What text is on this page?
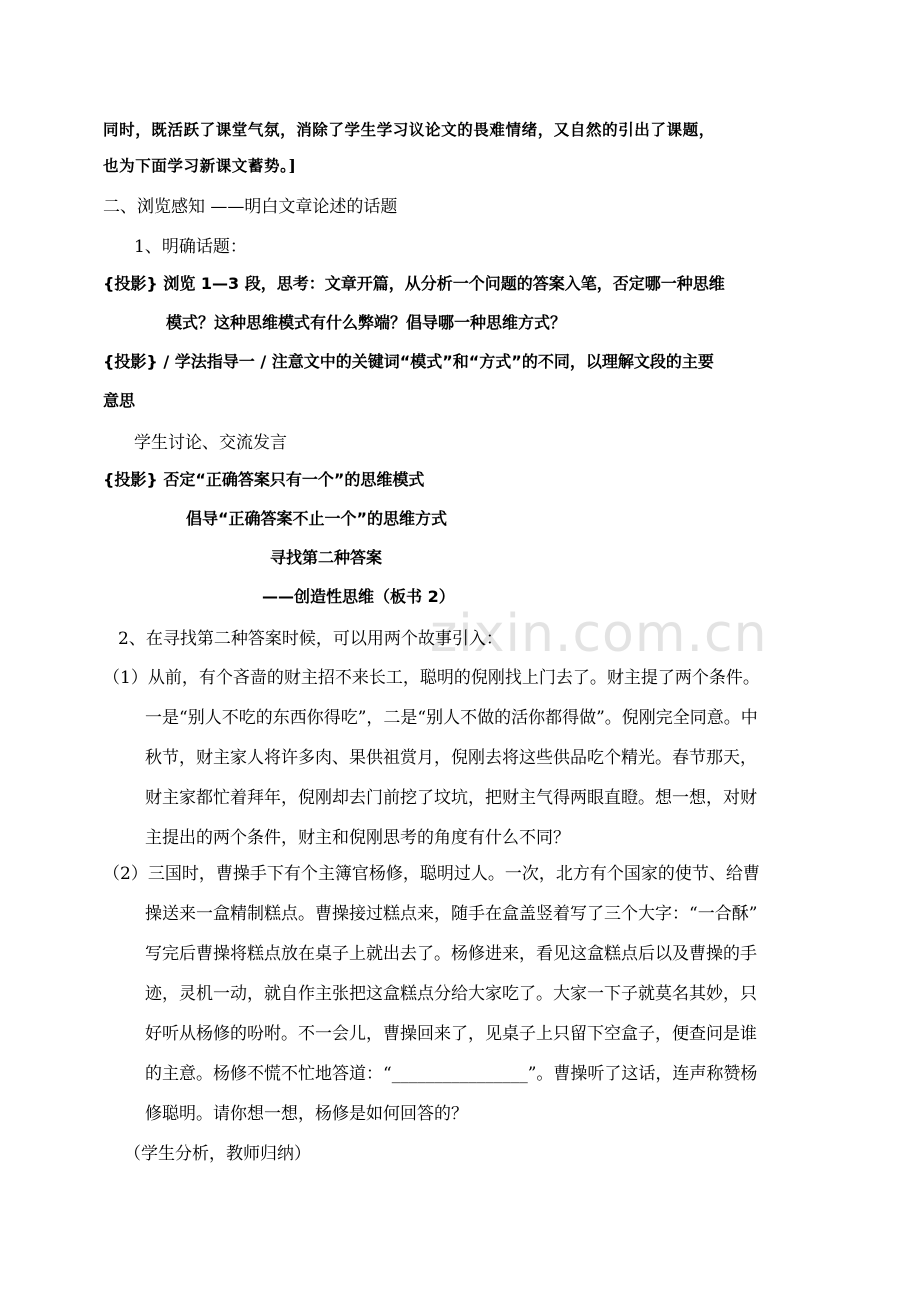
zixin.com.cn
同时，既活跃了课堂气氛，消除了学生学习议论文的畏难情绪，又自然的引出了课题，
也为下面学习新课文蓄势。]
二、浏览感知 ——明白文章论述的话题
1、明确话题：
{投影} 浏览 1—3 段，思考：文章开篇，从分析一个问题的答案入笔，否定哪一种思维
模式？这种思维模式有什么弊端？倡导哪一种思维方式？
{投影} / 学法指导一 / 注意文中的关键词“模式”和“方式”的不同，以理解文段的主要
意思
学生讨论、交流发言
{投影} 否定“正确答案只有一个”的思维模式
倡导“正确答案不止一个”的思维方式
寻找第二种答案
——创造性思维（板书 2）
2、在寻找第二种答案时候，可以用两个故事引入：
（1）从前，有个吝啬的财主招不来长工，聪明的倪刚找上门去了。财主提了两个条件。
一是“别人不吃的东西你得吃”，二是“别人不做的活你都得做”。倪刚完全同意。中
秋节，财主家人将许多肉、果供祖赏月，倪刚去将这些供品吃个精光。春节那天，
财主家都忙着拜年，倪刚却去门前挖了坟坑，把财主气得两眼直瞪。想一想，对财
主提出的两个条件，财主和倪刚思考的角度有什么不同？
（2）三国时，曹操手下有个主簿官杨修，聪明过人。一次，北方有个国家的使节、给曹
操送来一盒精制糕点。曹操接过糕点来，随手在盒盖竖着写了三个大字：“一合酥”
写完后曹操将糕点放在桌子上就出去了。杨修进来，看见这盒糕点后以及曹操的手
迹，灵机一动，就自作主张把这盒糕点分给大家吃了。大家一下子就莫名其妙，只
好听从杨修的吩咐。不一会儿，曹操回来了，见桌子上只留下空盒子，便查问是谁
的主意。杨修不慌不忙地答道：“________________”。曹操听了这话，连声称赞杨
修聪明。请你想一想，杨修是如何回答的？
（学生分析，教师归纳）
